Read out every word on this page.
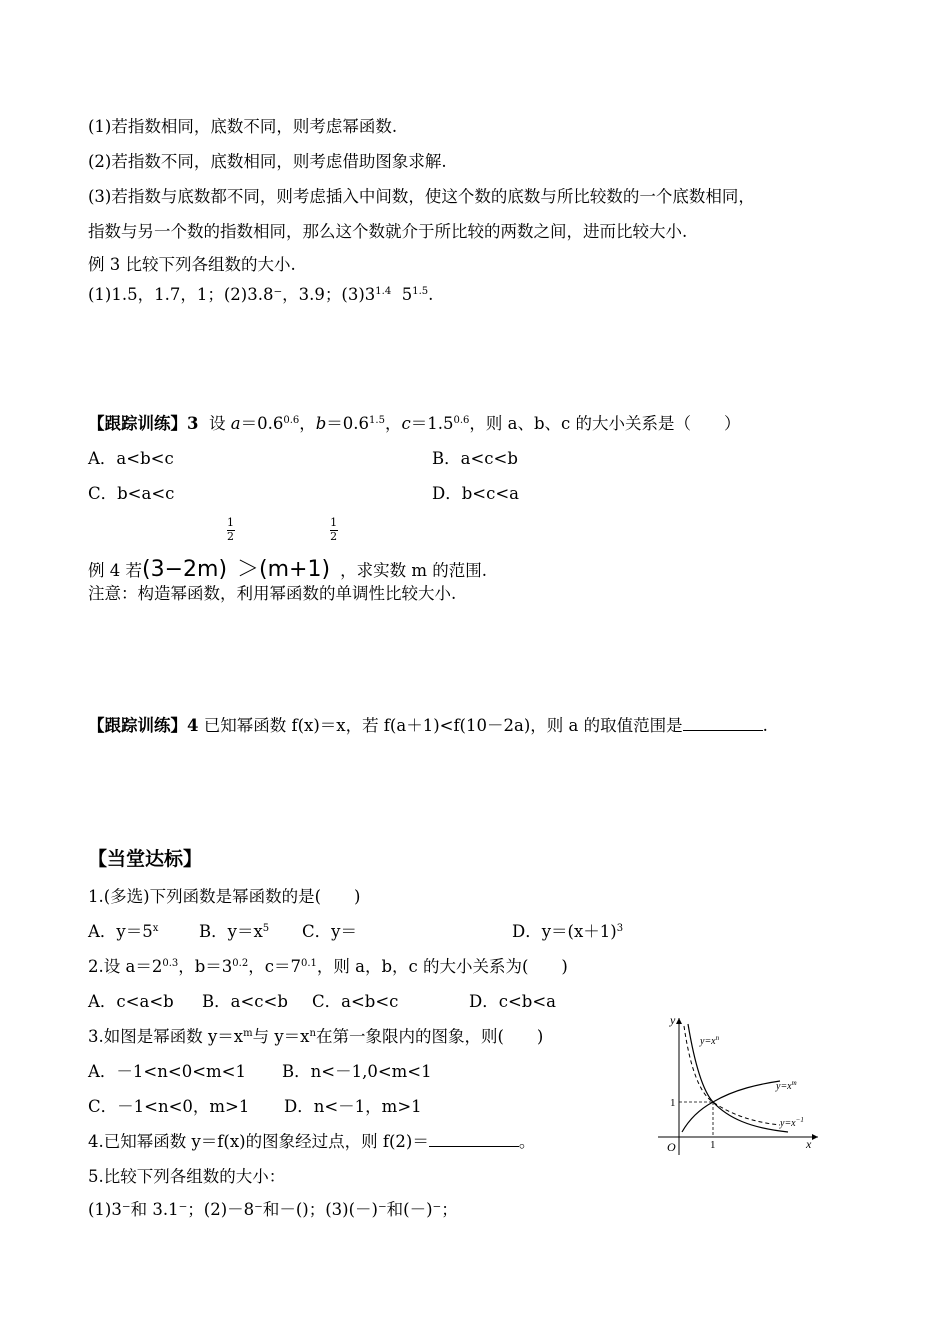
(1)若指数相同，底数不同，则考虑幂函数.
(2)若指数不同，底数相同，则考虑借助图象求解.
(3)若指数与底数都不同，则考虑插入中间数，使这个数的底数与所比较数的一个底数相同，
指数与另一个数的指数相同，那么这个数就介于所比较的两数之间，进而比较大小.
例 3 比较下列各组数的大小.
(1)1.5，1.7，1；(2)3.8⁻，3.9；$(3)3^{1.4}$  $5^{1.5}$.
【跟踪训练】3 设 $a=0.6^{0.6}$，$b=0.6^{1.5}$，$c=1.5^{0.6}$，则 a、b、c 的大小关系是（　　）
A．a<b<c	B．a<c<b
C．b<a<c	D．b<c<a
例 4 若$(3-2m) \frac{1}{2} >(m+1) \frac{1}{2}$ ，求实数 m 的范围.
注意：构造幂函数，利用幂函数的单调性比较大小.
【跟踪训练】4 已知幂函数 f(x)＝x，若 f(a＋1)<f(10－2a)，则 a 的取值范围是	.
【当堂达标】
1.(多选)下列函数是幂函数的是(　　)
A．$y=5^x$ B．$y=x^5$ C．y＝	D．$y=(x+1)^3$
2.设 $a=2^{0.3}$，$b=3^{0.2}$，$c=7^{0.1}$，则 a，b，c 的大小关系为(　　)
A．c<a<b B．a<c<b C．a<b<c	D．c<b<a
3.如图是幂函数 $y=x^m$与 $y=x^n$在第一象限内的图象，则(　　)
A．－1<n<0<m<1 B．n<－1,0<m<1
C．－1<n<0，m>1 D．n<－1，m>1
4.已知幂函数 y＝f(x)的图象经过点，则 f(2)＝	。
5.比较下列各组数的大小：
(1)3⁻和 3.1⁻；(2)－8⁻和－()；(3)(－)⁻和(－)⁻；
y
x
O	1
1
$y=x^n$
$y=x^m$
$y=x^{-1}$
